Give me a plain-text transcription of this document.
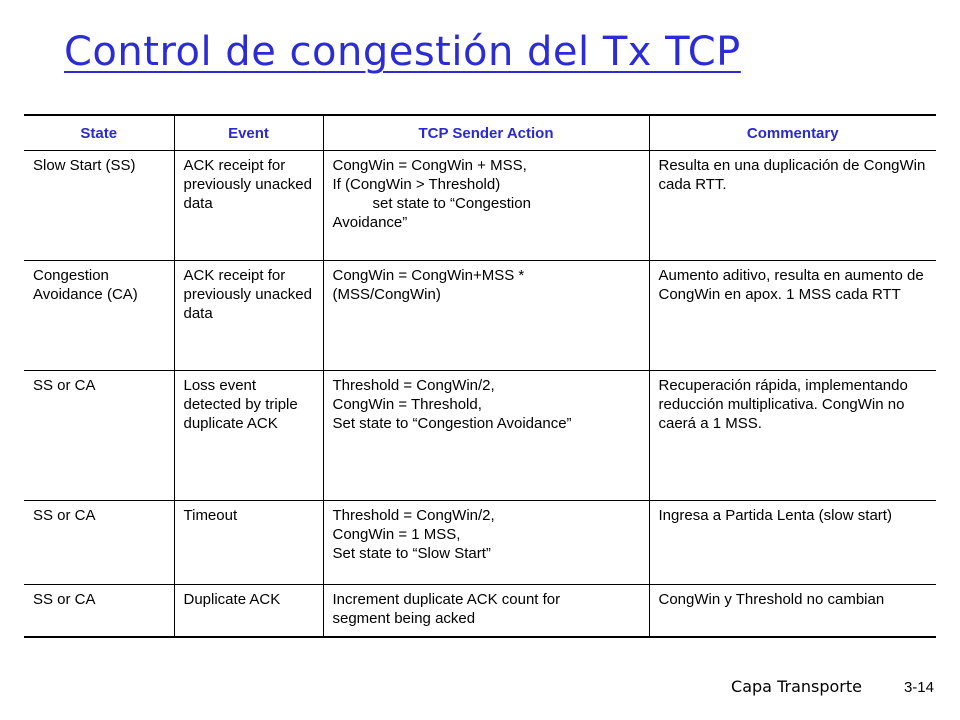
Control de congestión del Tx TCP
State	Event	TCP Sender Action	Commentary
Slow Start (SS)	ACK receipt for previously unacked data	CongWin = CongWin + MSS,
If (CongWin > Threshold)
set state to “Congestion
Avoidance”	Resulta en una duplicación de CongWin cada RTT.
Congestion Avoidance (CA)	ACK receipt for previously unacked data	CongWin = CongWin+MSS *
(MSS/CongWin)	Aumento aditivo, resulta en aumento de CongWin en apox. 1 MSS cada RTT
SS or CA	Loss event detected by triple duplicate ACK	Threshold = CongWin/2,
CongWin = Threshold,
Set state to “Congestion Avoidance”	Recuperación rápida, implementando reducción multiplicativa. CongWin no caerá a 1 MSS.
SS or CA	Timeout	Threshold = CongWin/2,
CongWin = 1 MSS,
Set state to “Slow Start”	Ingresa a Partida Lenta (slow start)
SS or CA	Duplicate ACK	Increment duplicate ACK count for
segment being acked	CongWin y Threshold no cambian
Capa Transporte	3-14
